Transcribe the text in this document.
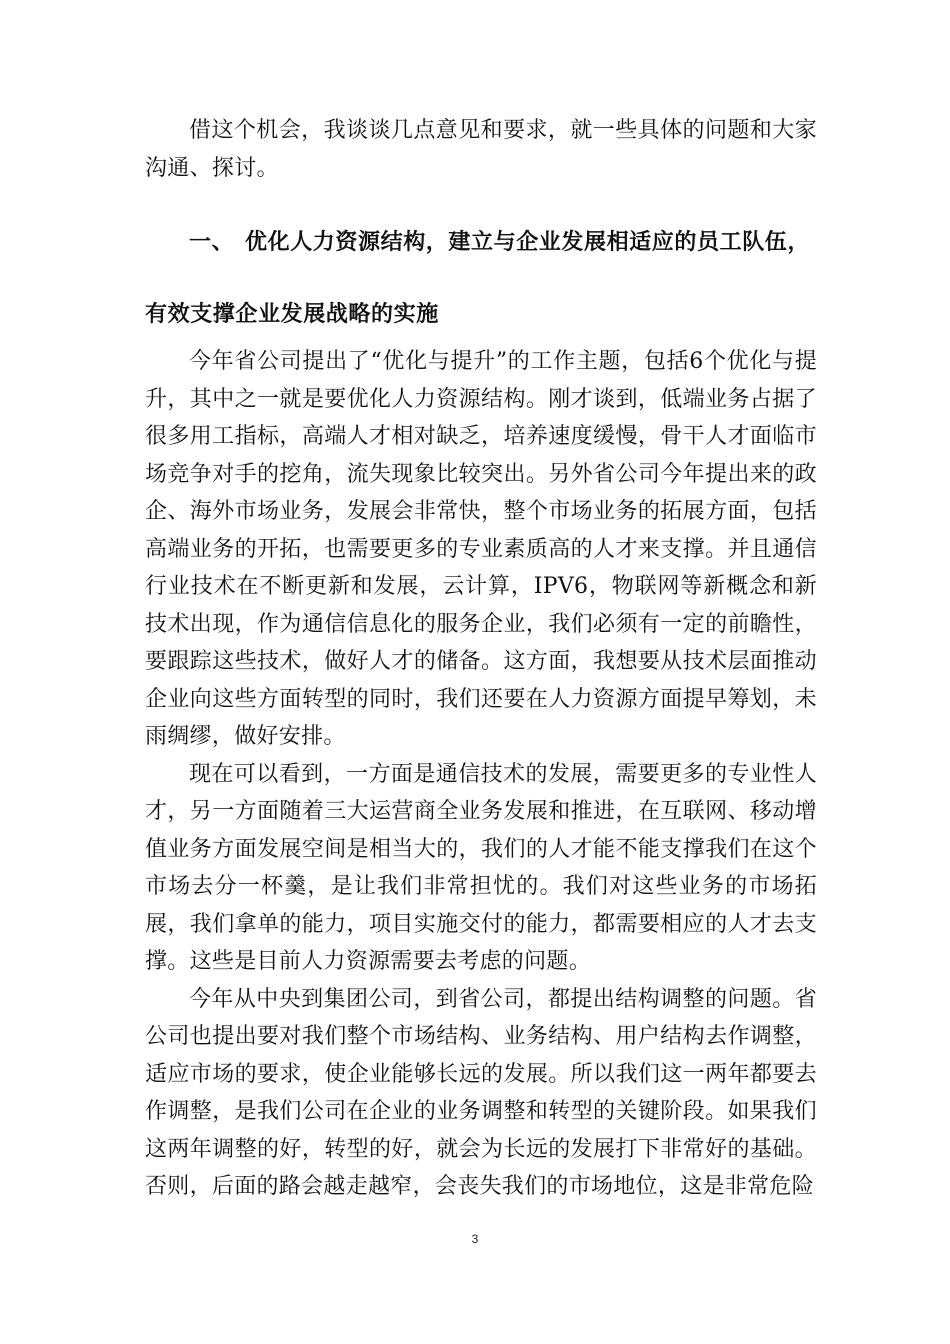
借这个机会，我谈谈几点意见和要求，就一些具体的问题和大家沟通、探讨。

一、 优化人力资源结构，建立与企业发展相适应的员工队伍，

有效支撑企业发展战略的实施

今年省公司提出了“优化与提升”的工作主题，包括6个优化与提升，其中之一就是要优化人力资源结构。刚才谈到，低端业务占据了很多用工指标，高端人才相对缺乏，培养速度缓慢，骨干人才面临市场竞争对手的挖角，流失现象比较突出。另外省公司今年提出来的政企、海外市场业务，发展会非常快，整个市场业务的拓展方面，包括高端业务的开拓，也需要更多的专业素质高的人才来支撑。并且通信行业技术在不断更新和发展，云计算，IPV6，物联网等新概念和新技术出现，作为通信信息化的服务企业，我们必须有一定的前瞻性，要跟踪这些技术，做好人才的储备。这方面，我想要从技术层面推动企业向这些方面转型的同时，我们还要在人力资源方面提早筹划，未雨绸缪，做好安排。

现在可以看到，一方面是通信技术的发展，需要更多的专业性人才，另一方面随着三大运营商全业务发展和推进，在互联网、移动增值业务方面发展空间是相当大的，我们的人才能不能支撑我们在这个市场去分一杯羹，是让我们非常担忧的。我们对这些业务的市场拓展，我们拿单的能力，项目实施交付的能力，都需要相应的人才去支撑。这些是目前人力资源需要去考虑的问题。

今年从中央到集团公司，到省公司，都提出结构调整的问题。省公司也提出要对我们整个市场结构、业务结构、用户结构去作调整，适应市场的要求，使企业能够长远的发展。所以我们这一两年都要去作调整，是我们公司在企业的业务调整和转型的关键阶段。如果我们这两年调整的好，转型的好，就会为长远的发展打下非常好的基础。否则，后面的路会越走越窄，会丧失我们的市场地位，这是非常危险

3
